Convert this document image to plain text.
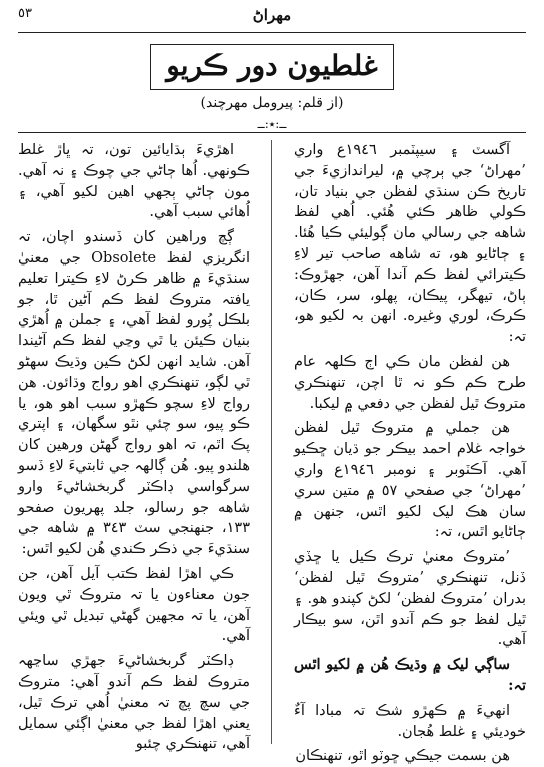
٥٣	مهراڻ
غلطيون دور ڪريو
(از قلم: پيرومل مهرچند)
ــ:٭:ــ

آگسٽ ۽ سيپٽمبر ١٩٤٦ع واري ’مهراڻ‘ جي ٻرچي ۾، ليراندازيءَ جي تاريخ ڪن سنڌي لفظن جي بنياد تان، ڪولي ظاهر ڪئي هُئي. اُهي لفظ شاهه جي رسالي مان ڳوليئي ڪيا هُئا. ۽ ڄاڻايو هو، ته شاهه صاحب تير لاءِ ڪيترائي لفظ ڪم آندا آهن، جهڙوڪ: ٻاڻ، تيهگر، پيڪان، پهلو، سر، ڪان، ڪرڪ، لوري وغيره. انهن بہ لکيو هو، تہ:

هن لفظن مان ڪي اڄ ڪلهہ عام طرح ڪم ڪو نہ ٿا اچن، تنهنڪري متروڪ ٿيل لفظن جي دفعي ۾ ليکبا.

هن جملي ۾ متروڪ ٿيل لفظن خواجہ غلام احمد بيڪر جو ڌيان ڇڪيو آهي. آڪٽوبر ۽ نومبر ١٩٤٦ع واري ’مهراڻ‘ جي صفحي ٥٧ ۾ متين سري سان هڪ ليک لکيو اٿس، جنهن ۾ ڄاڻايو اٿس، تہ:

’متروڪ معنيٰ ترڪ ڪيل يا ڇڏي ڏنل، تنهنڪري ’متروڪ ٿيل لفظن‘ بدران ’متروڪ لفظن‘ لکڻ کپندو هو. ۽ ٿيل لفظ جو ڪم آندو اٿن، سو بيڪار آهي.

ساڳي ليک ۾ وڌيڪ هُن ۾ لکيو اٿس تہ:

انهيءَ ۾ ڪهڙو شڪ تہ مبادا آءٌ خوديئي ۽ غلط هُجان.

هن بسمت جيڪي ڇوٽو اٿو، تنهنڪان

اهڙيءَ ٻڌايائين تون، تہ ڀاڙ غلط ڪونهي. اُها ڄاڻي جي چوڪ ۽ نہ آهي. مون ڄاڻي ٻجهي اهين لکيو آهي، ۽ اُهائي سبب آهي.

ڳچ وراهين کان ڏسندو اچان، تہ انگريزي لفظ Obsolete جي معنيٰ سنڌيءَ ۾ ظاهر ڪرڻ لاءِ ڪيترا تعليم يافتہ متروڪ لفظ ڪم آڻين ٿا، جو بلڪل پُورو لفظ آهي، ۽ جملن ۾ اُهڙي بنيان ڪيئن يا ٿي وڃي لفظ ڪم آڻيندا آهن. شايد انهن لکڻ ڪين وڌيڪ سهڻو ٿي لڳو، تنهنڪري اهو رواج وڌائون. هن رواج لاءِ سچو ڪهڙو سبب اهو هو، يا ڪو پيو، سو چئي نٿو سگهان، ۽ اپتري پڪ اٿم، تہ اهو رواج گهڻن ورهين کان هلندو پيو. هُن ڳالهہ جي ثابتيءَ لاءِ ڏسو سرگواسي ڊاڪٽر گربخشاڻيءَ وارو شاهه جو رسالو، جلد پهريون صفحو ١٣٣، جنهنجي سٽ ٣٤٣ ۾ شاهه جي سنڌيءَ جي ذڪر ڪندي هُن لکيو اٿس:

ڪي اهڙا لفظ ڪتب آيل آهن، جن جون معناءون يا تہ متروڪ ٿي ويون آهن، يا تہ مجهين گهڻي تبديل ٿي ويئي آهي.

ڊاڪٽر گربخشاڻيءَ جهڙي ساڃهہ متروڪ لفظ ڪم آندو آهي: متروڪ جي سچ پچ تہ معنيٰ اُهي ترڪ ٿيل، يعني اهڙا لفظ جي معنيٰ اڳئي سمايل آهي، تنهنڪري چئبو
